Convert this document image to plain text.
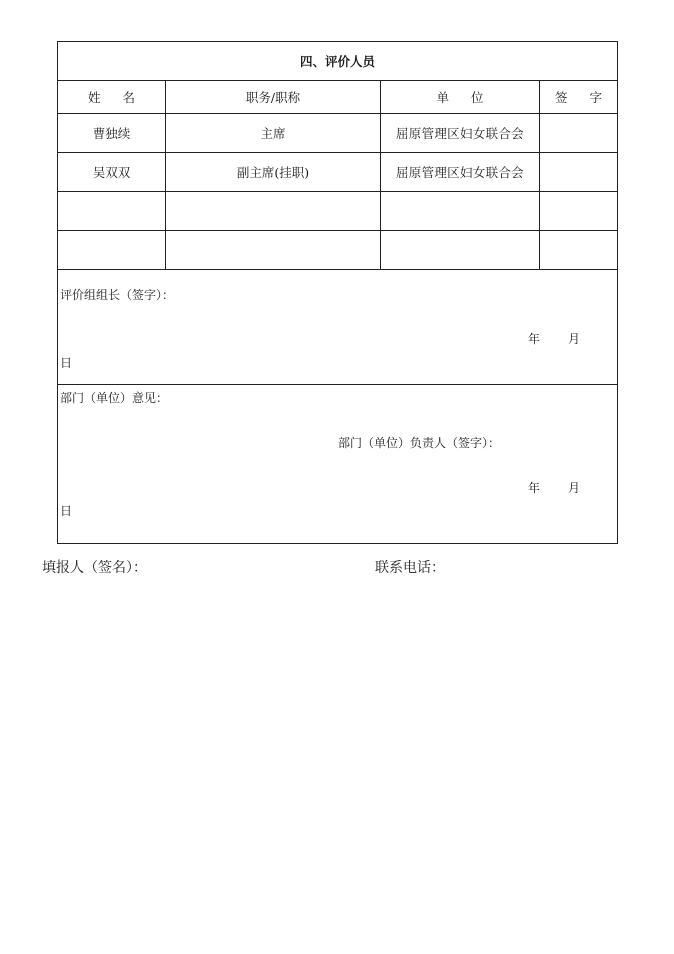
四、评价人员			
姓 名	职务/职称	单 位	签 字
曹独续	主席	屈原管理区妇女联合会	
吴双双	副主席(挂职)	屈原管理区妇女联合会	

评价组组长（签字）：
年 月
日			

部门（单位）意见：
部门（单位）负责人（签字）：
年 月
日			
填报人（签名）：	联系电话：
